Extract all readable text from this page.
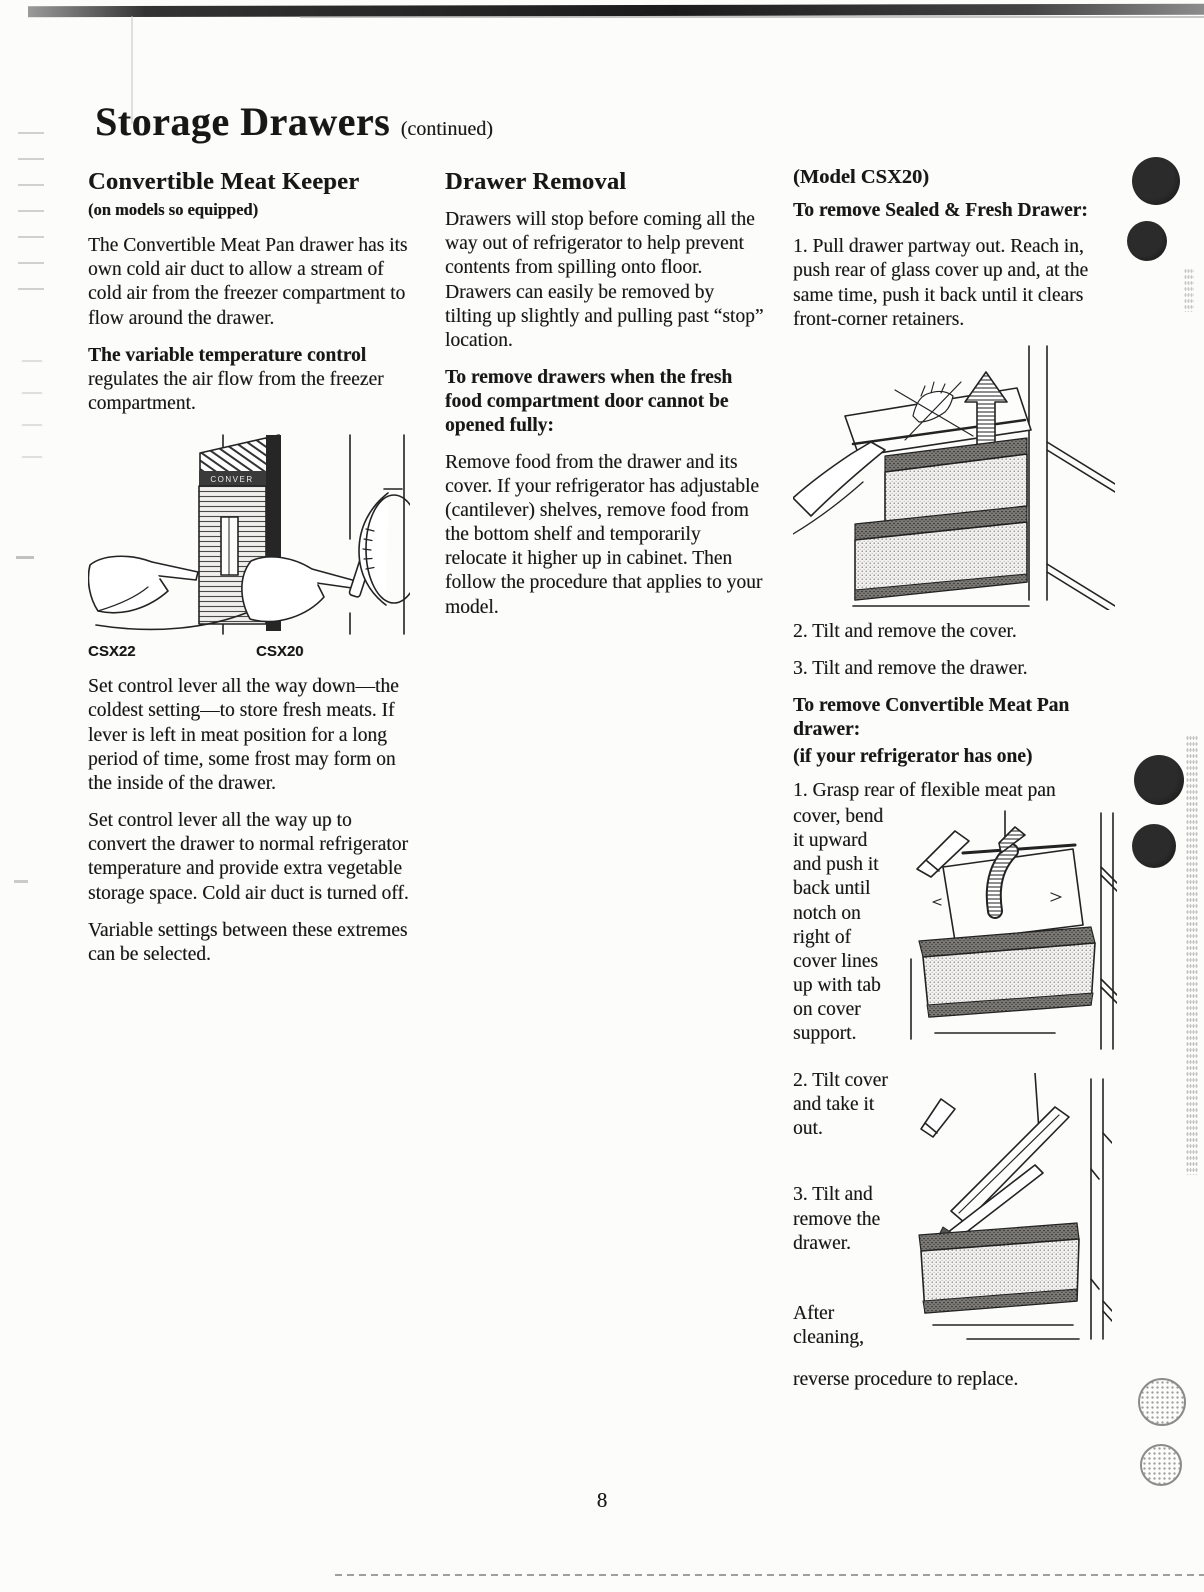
Storage Drawers (continued)
Convertible Meat Keeper
(on models so equipped)

The Convertible Meat Pan drawer has its own cold air duct to allow a stream of cold air from the freezer compartment to flow around the drawer.

The variable temperature control regulates the air flow from the freezer compartment.

CONVER
CSX22	CSX20

Set control lever all the way down—the coldest setting—to store fresh meats. If lever is left in meat position for a long period of time, some frost may form on the inside of the drawer.

Set control lever all the way up to convert the drawer to normal refrigerator temperature and provide extra vegetable storage space. Cold air duct is turned off.

Variable settings between these extremes can be selected.

Drawer Removal

Drawers will stop before coming all the way out of refrigerator to help prevent contents from spilling onto floor. Drawers can easily be removed by tilting up slightly and pulling past “stop” location.

To remove drawers when the fresh food compartment door cannot be opened fully:

Remove food from the drawer and its cover. If your refrigerator has adjustable (cantilever) shelves, remove food from the bottom shelf and temporarily relocate it higher up in cabinet. Then follow the procedure that applies to your model.

(Model CSX20)

To remove Sealed & Fresh Drawer:

1. Pull drawer partway out. Reach in, push rear of glass cover up and, at the same time, push it back until it clears front-corner retainers.

2. Tilt and remove the cover.

3. Tilt and remove the drawer.

To remove Convertible Meat Pan drawer:

(if your refrigerator has one)

1. Grasp rear of flexible meat pan

cover, bend it upward and push it back until notch on right of cover lines up with tab on cover support.

2. Tilt cover and take it out.

3. Tilt and remove the drawer.

After cleaning,

reverse procedure to replace.

8
